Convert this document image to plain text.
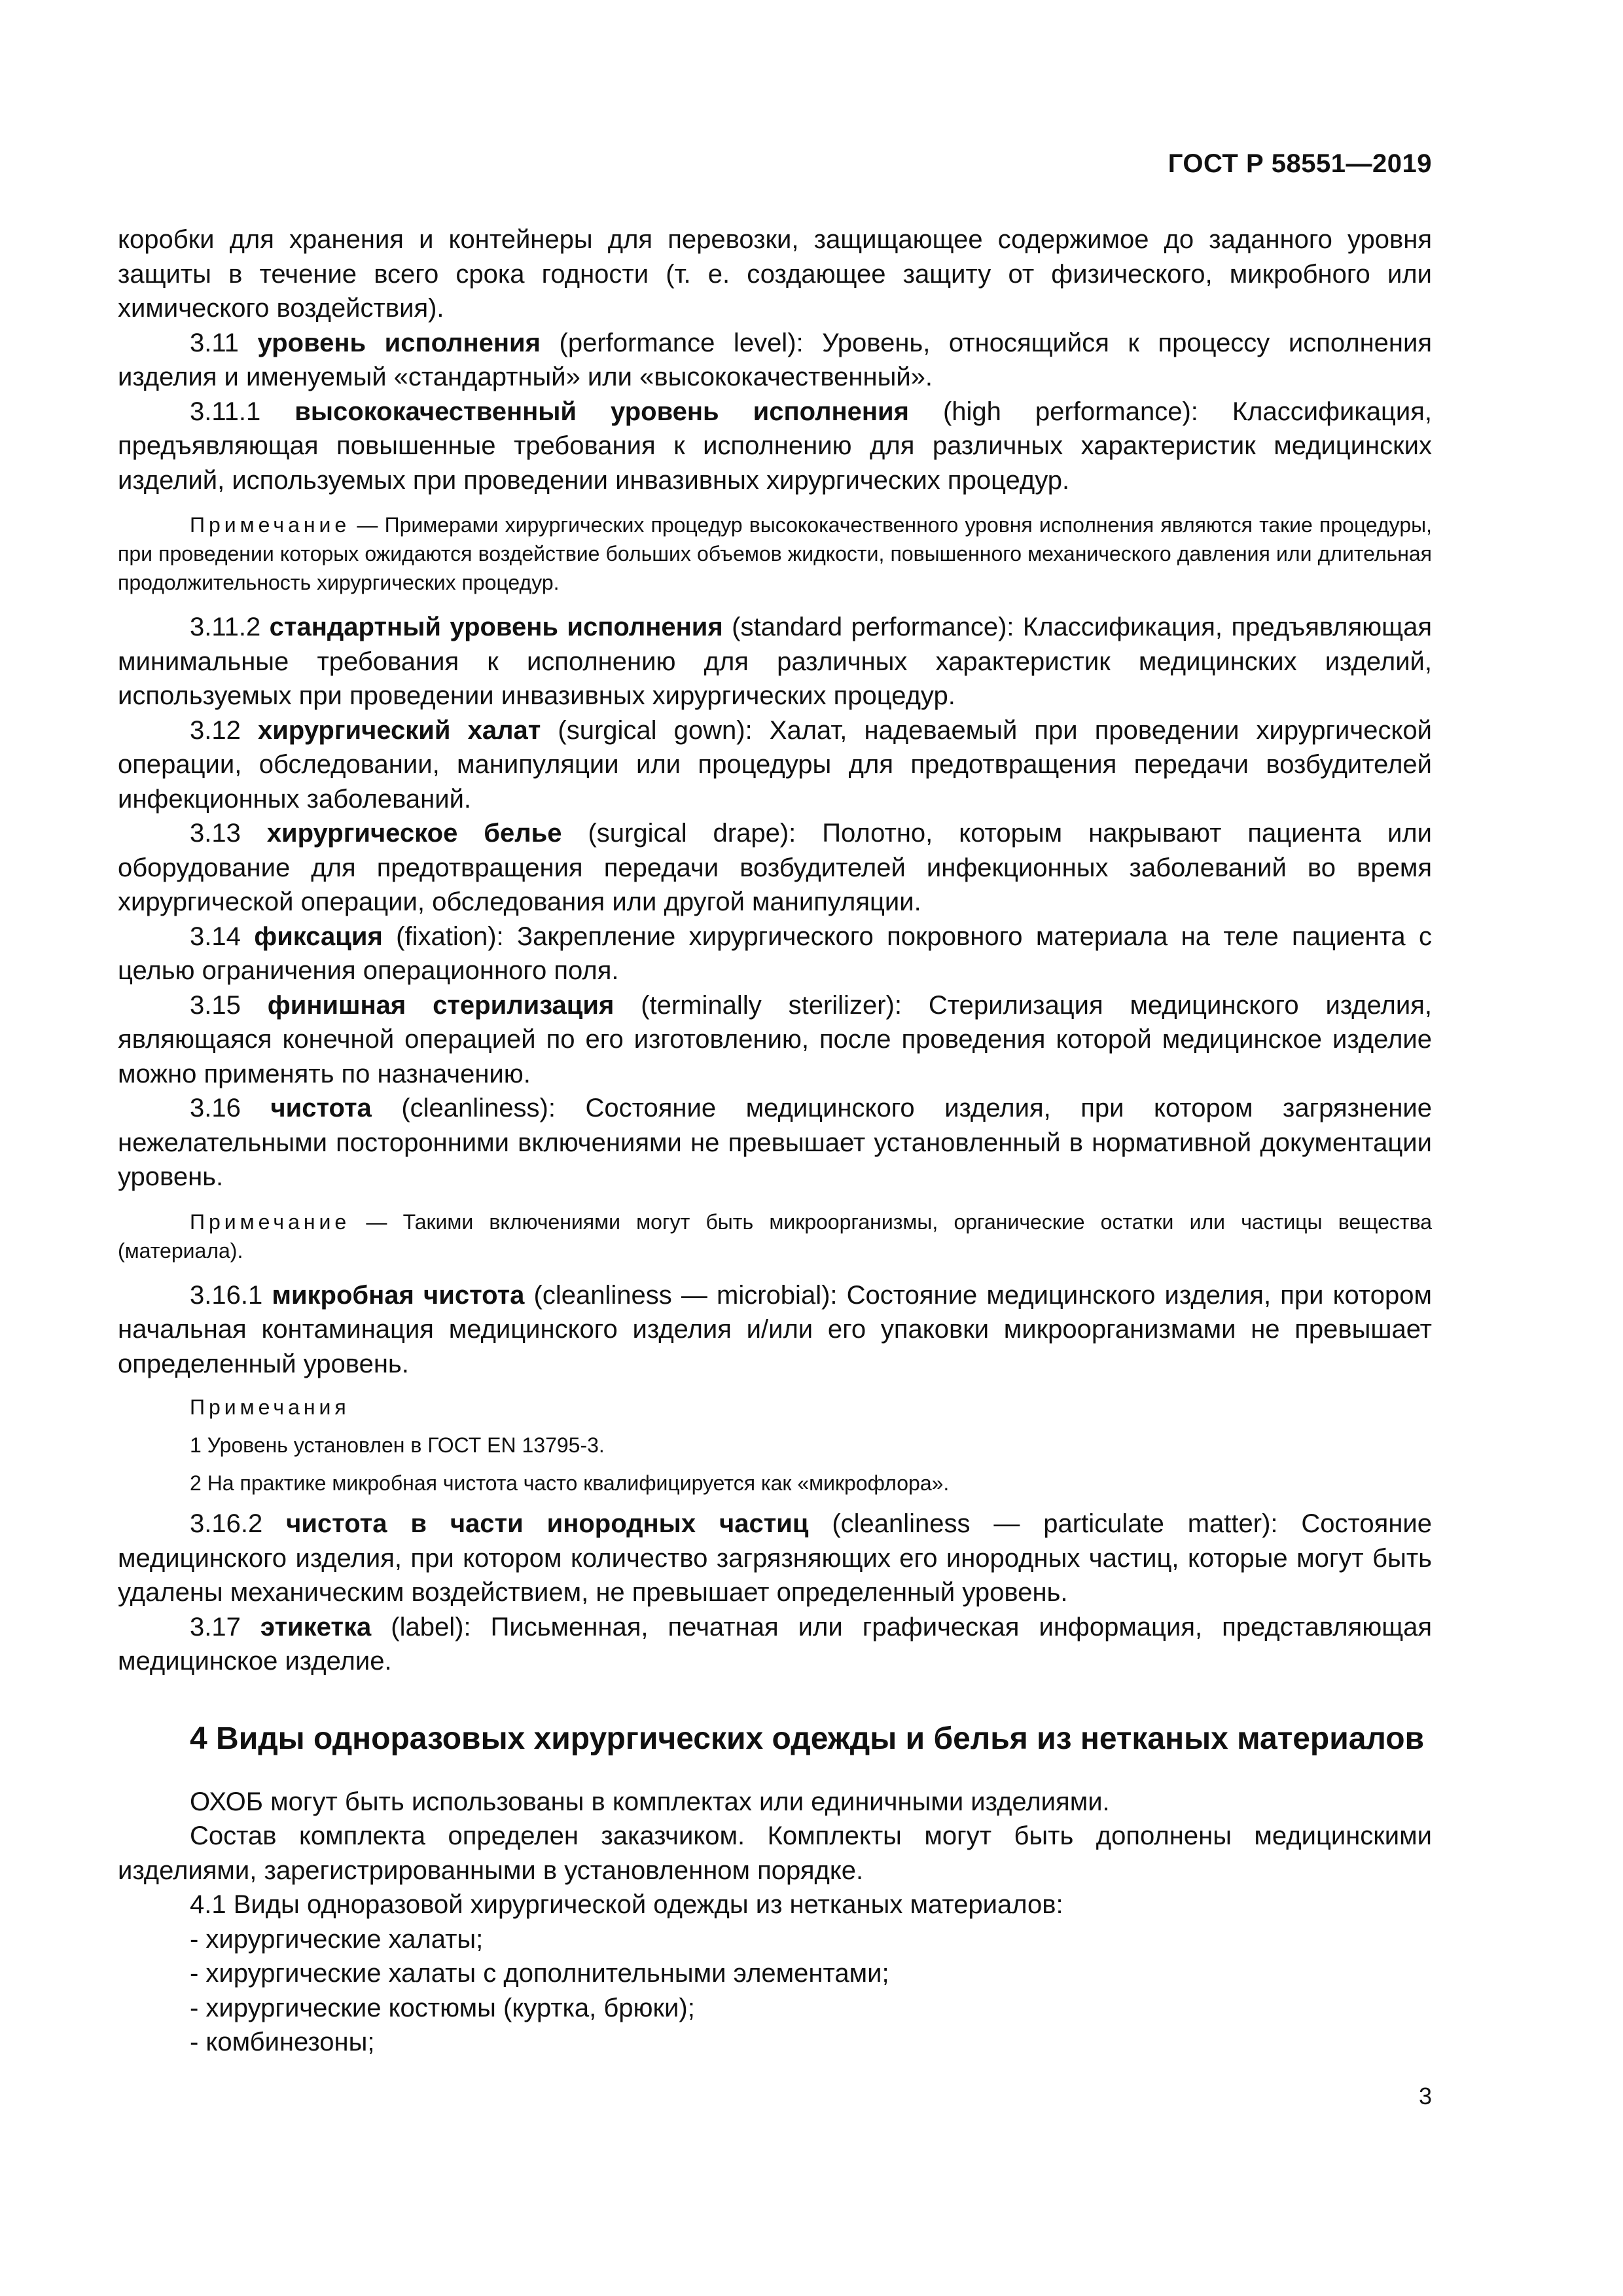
ГОСТ Р 58551—2019

коробки для хранения и контейнеры для перевозки, защищающее содержимое до заданного уровня защиты в течение всего срока годности (т. е. создающее защиту от физического, микробного или химического воздействия).

3.11 уровень исполнения (performance level): Уровень, относящийся к процессу исполнения изделия и именуемый «стандартный» или «высококачественный».

3.11.1 высококачественный уровень исполнения (high performance): Классификация, предъявляющая повышенные требования к исполнению для различных характеристик медицинских изделий, используемых при проведении инвазивных хирургических процедур.

Примечание — Примерами хирургических процедур высококачественного уровня исполнения являются такие процедуры, при проведении которых ожидаются воздействие больших объемов жидкости, повышенного механического давления или длительная продолжительность хирургических процедур.

3.11.2 стандартный уровень исполнения (standard performance): Классификация, предъявляющая минимальные требования к исполнению для различных характеристик медицинских изделий, используемых при проведении инвазивных хирургических процедур.

3.12 хирургический халат (surgical gown): Халат, надеваемый при проведении хирургической операции, обследовании, манипуляции или процедуры для предотвращения передачи возбудителей инфекционных заболеваний.

3.13 хирургическое белье (surgical drape): Полотно, которым накрывают пациента или оборудование для предотвращения передачи возбудителей инфекционных заболеваний во время хирургической операции, обследования или другой манипуляции.

3.14 фиксация (fixation): Закрепление хирургического покровного материала на теле пациента с целью ограничения операционного поля.

3.15 финишная стерилизация (terminally sterilizer): Стерилизация медицинского изделия, являющаяся конечной операцией по его изготовлению, после проведения которой медицинское изделие можно применять по назначению.

3.16 чистота (cleanliness): Состояние медицинского изделия, при котором загрязнение нежелательными посторонними включениями не превышает установленный в нормативной документации уровень.

Примечание — Такими включениями могут быть микроорганизмы, органические остатки или частицы вещества (материала).

3.16.1 микробная чистота (cleanliness — microbial): Состояние медицинского изделия, при котором начальная контаминация медицинского изделия и/или его упаковки микроорганизмами не превышает определенный уровень.

Примечания

1 Уровень установлен в ГОСТ EN 13795-3.

2 На практике микробная чистота часто квалифицируется как «микрофлора».

3.16.2 чистота в части инородных частиц (cleanliness — particulate matter): Состояние медицинского изделия, при котором количество загрязняющих его инородных частиц, которые могут быть удалены механическим воздействием, не превышает определенный уровень.

3.17 этикетка (label): Письменная, печатная или графическая информация, представляющая медицинское изделие.

4 Виды одноразовых хирургических одежды и белья из нетканых материалов

ОХОБ могут быть использованы в комплектах или единичными изделиями.

Состав комплекта определен заказчиком. Комплекты могут быть дополнены медицинскими изделиями, зарегистрированными в установленном порядке.

4.1 Виды одноразовой хирургической одежды из нетканых материалов:

- хирургические халаты;

- хирургические халаты с дополнительными элементами;

- хирургические костюмы (куртка, брюки);

- комбинезоны;

3
